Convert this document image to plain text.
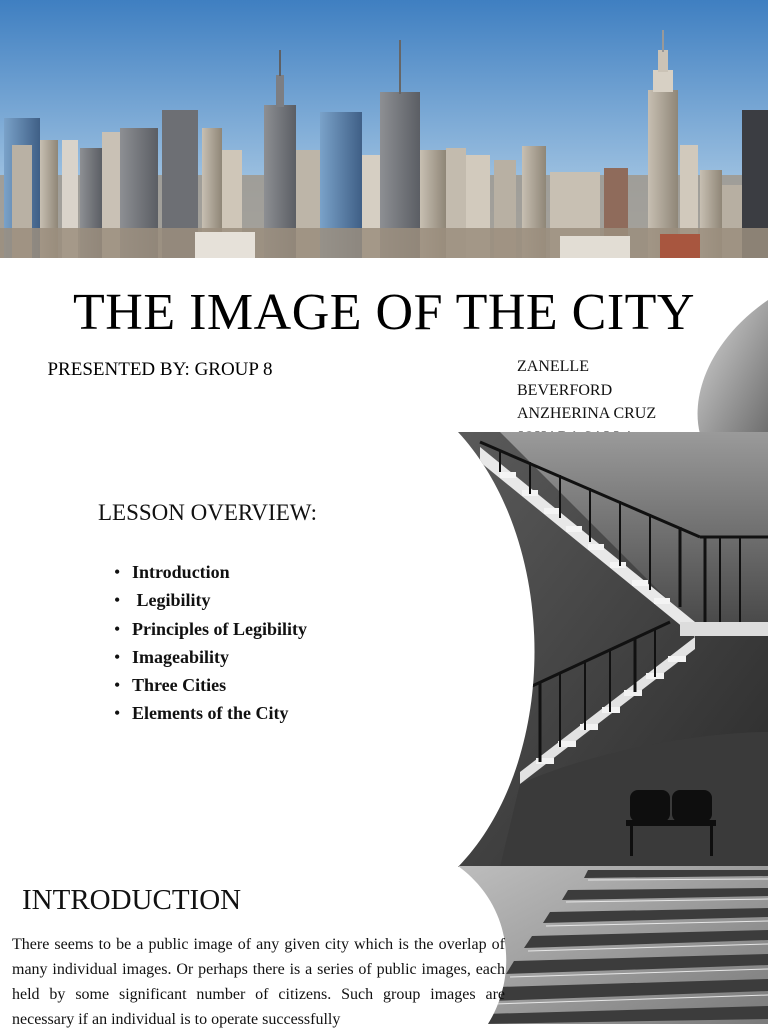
THE IMAGE OF THE CITY
PRESENTED BY: GROUP 8	ZANELLE
BEVERFORD
ANZHERINA CRUZ
LESSON OVERVIEW:
• Introduction
• Legibility
• Principles of Legibility
• Imageability
• Three Cities
• Elements of the City
INTRODUCTION
There seems to be a public image of any given city which is the overlap of many individual images. Or perhaps there is a series of public images, each held by some significant number of citizens. Such group images are necessary if an individual is to operate successfully
